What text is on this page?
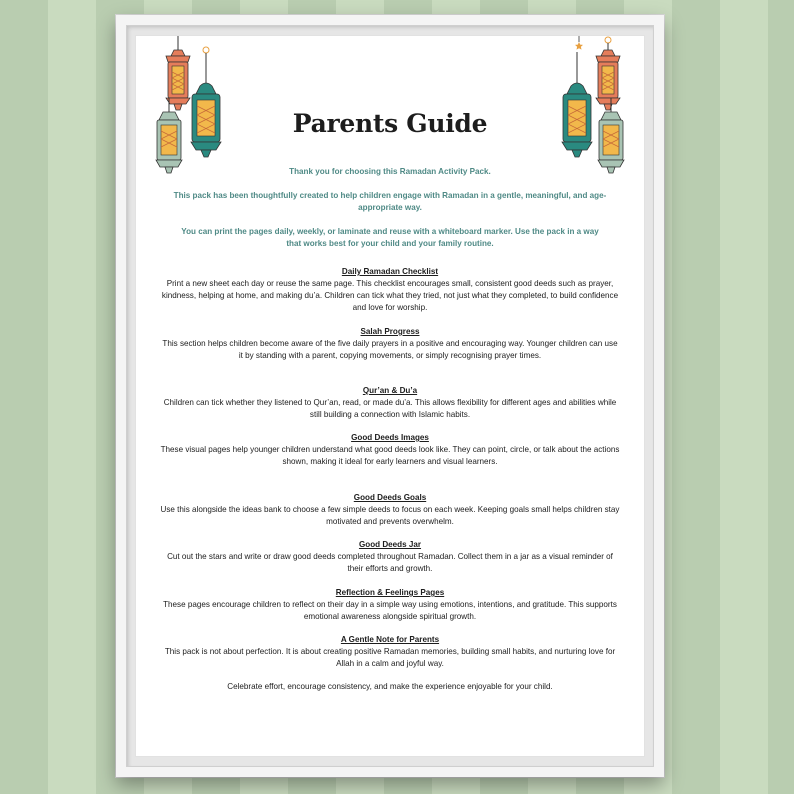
Parents Guide
Thank you for choosing this Ramadan Activity Pack.
This pack has been thoughtfully created to help children engage with Ramadan in a gentle, meaningful, and age-appropriate way.
You can print the pages daily, weekly, or laminate and reuse with a whiteboard marker. Use the pack in a way that works best for your child and your family routine.
Daily Ramadan Checklist
Print a new sheet each day or reuse the same page. This checklist encourages small, consistent good deeds such as prayer, kindness, helping at home, and making du’a. Children can tick what they tried, not just what they completed, to build confidence and love for worship.
Salah Progress
This section helps children become aware of the five daily prayers in a positive and encouraging way. Younger children can use it by standing with a parent, copying movements, or simply recognising prayer times.
Qur’an & Du’a
Children can tick whether they listened to Qur’an, read, or made du’a. This allows flexibility for different ages and abilities while still building a connection with Islamic habits.
Good Deeds Images
These visual pages help younger children understand what good deeds look like. They can point, circle, or talk about the actions shown, making it ideal for early learners and visual learners.
Good Deeds Goals
Use this alongside the ideas bank to choose a few simple deeds to focus on each week. Keeping goals small helps children stay motivated and prevents overwhelm.
Good Deeds Jar
Cut out the stars and write or draw good deeds completed throughout Ramadan. Collect them in a jar as a visual reminder of their efforts and growth.
Reflection & Feelings Pages
These pages encourage children to reflect on their day in a simple way using emotions, intentions, and gratitude. This supports emotional awareness alongside spiritual growth.
A Gentle Note for Parents
This pack is not about perfection. It is about creating positive Ramadan memories, building small habits, and nurturing love for Allah in a calm and joyful way.
Celebrate effort, encourage consistency, and make the experience enjoyable for your child.
